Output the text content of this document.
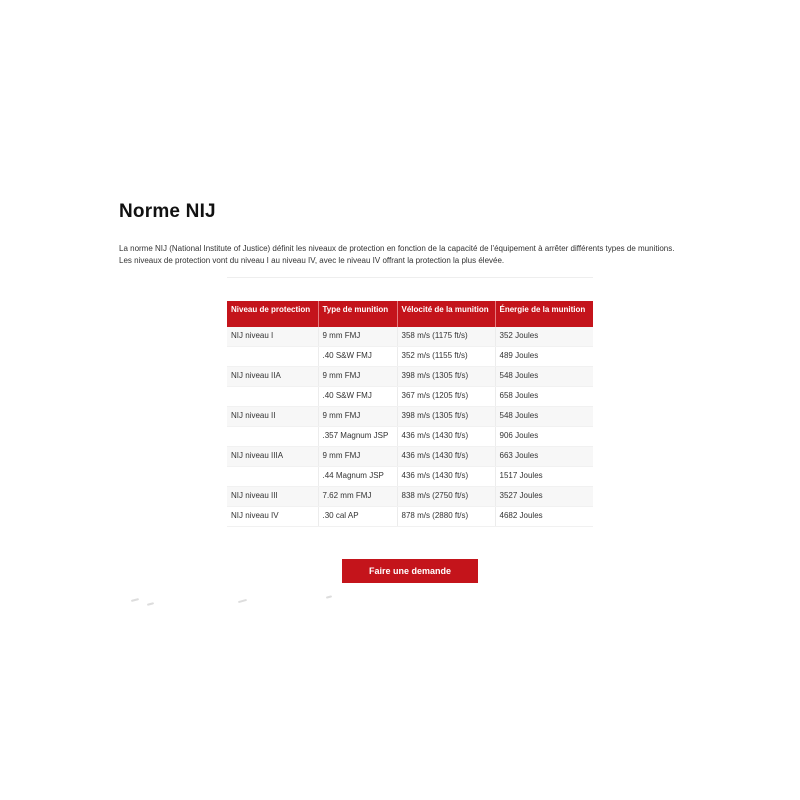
Norme NIJ

La norme NIJ (National Institute of Justice) définit les niveaux de protection en fonction de la capacité de l'équipement à arrêter différents types de munitions. Les niveaux de protection vont du niveau I au niveau IV, avec le niveau IV offrant la protection la plus élevée.

Niveau de protection	Type de munition	Vélocité de la munition	Énergie de la munition
NIJ niveau I	9 mm FMJ	358 m/s (1175 ft/s)	352 Joules
	.40 S&W FMJ	352 m/s (1155 ft/s)	489 Joules
NIJ niveau IIA	9 mm FMJ	398 m/s (1305 ft/s)	548 Joules
	.40 S&W FMJ	367 m/s (1205 ft/s)	658 Joules
NIJ niveau II	9 mm FMJ	398 m/s (1305 ft/s)	548 Joules
	.357 Magnum JSP	436 m/s (1430 ft/s)	906 Joules
NIJ niveau IIIA	9 mm FMJ	436 m/s (1430 ft/s)	663 Joules
	.44 Magnum JSP	436 m/s (1430 ft/s)	1517 Joules
NIJ niveau III	7.62 mm FMJ	838 m/s (2750 ft/s)	3527 Joules
NIJ niveau IV	.30 cal AP	878 m/s (2880 ft/s)	4682 Joules
Faire une demande
